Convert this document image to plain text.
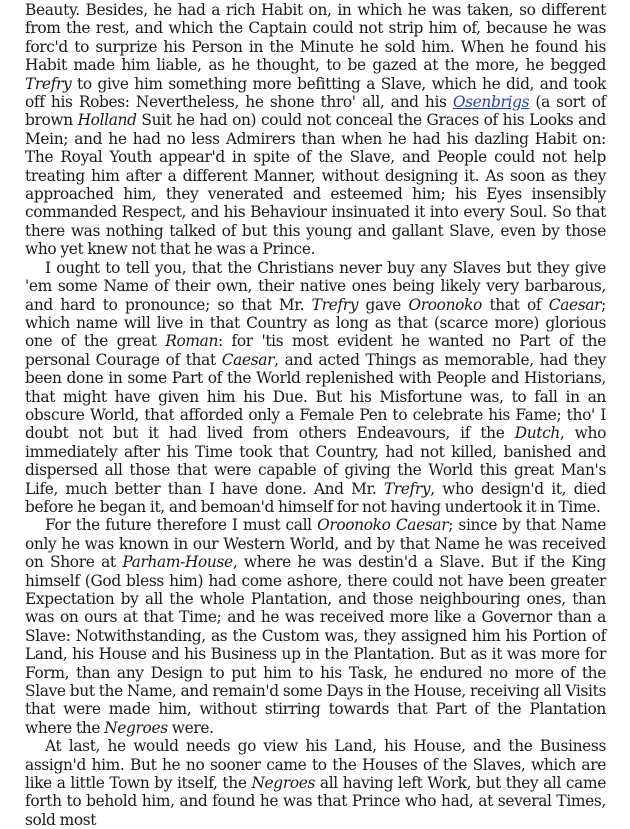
Beauty. Besides, he had a rich Habit on, in which he was taken, so different from the rest, and which the Captain could not strip him of, because he was forc'd to surprize his Person in the Minute he sold him. When he found his Habit made him liable, as he thought, to be gazed at the more, he begged Trefry to give him something more befitting a Slave, which he did, and took off his Robes: Nevertheless, he shone thro' all, and his Osenbrigs (a sort of brown Holland Suit he had on) could not conceal the Graces of his Looks and Mein; and he had no less Admirers than when he had his dazling Habit on: The Royal Youth appear'd in spite of the Slave, and People could not help treating him after a different Manner, without designing it. As soon as they approached him, they venerated and esteemed him; his Eyes insensibly commanded Respect, and his Behaviour insinuated it into every Soul. So that there was nothing talked of but this young and gallant Slave, even by those who yet knew not that he was a Prince.

I ought to tell you, that the Christians never buy any Slaves but they give 'em some Name of their own, their native ones being likely very barbarous, and hard to pronounce; so that Mr. Trefry gave Oroonoko that of Caesar; which name will live in that Country as long as that (scarce more) glorious one of the great Roman: for 'tis most evident he wanted no Part of the personal Courage of that Caesar, and acted Things as memorable, had they been done in some Part of the World replenished with People and Historians, that might have given him his Due. But his Misfortune was, to fall in an obscure World, that afforded only a Female Pen to celebrate his Fame; tho' I doubt not but it had lived from others Endeavours, if the Dutch, who immediately after his Time took that Country, had not killed, banished and dispersed all those that were capable of giving the World this great Man's Life, much better than I have done. And Mr. Trefry, who design'd it, died before he began it, and bemoan'd himself for not having undertook it in Time.

For the future therefore I must call Oroonoko Caesar; since by that Name only he was known in our Western World, and by that Name he was received on Shore at Parham-House, where he was destin'd a Slave. But if the King himself (God bless him) had come ashore, there could not have been greater Expectation by all the whole Plantation, and those neighbouring ones, than was on ours at that Time; and he was received more like a Governor than a Slave: Notwithstanding, as the Custom was, they assigned him his Portion of Land, his House and his Business up in the Plantation. But as it was more for Form, than any Design to put him to his Task, he endured no more of the Slave but the Name, and remain'd some Days in the House, receiving all Visits that were made him, without stirring towards that Part of the Plantation where the Negroes were.

At last, he would needs go view his Land, his House, and the Business assign'd him. But he no sooner came to the Houses of the Slaves, which are like a little Town by itself, the Negroes all having left Work, but they all came forth to behold him, and found he was that Prince who had, at several Times, sold most
